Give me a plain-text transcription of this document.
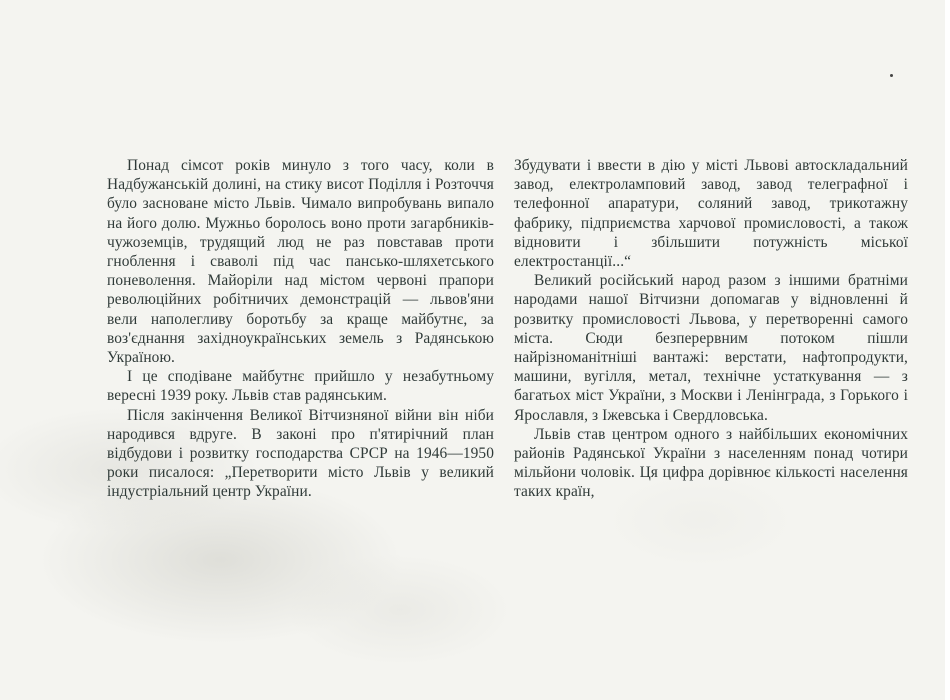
Понад сімсот років минуло з того часу, коли в Надбужанській долині, на стику висот Поділля і Розточчя було засноване місто Львів. Чимало випробувань випало на його долю. Мужньо боролось воно проти загарбників-чужоземців, трудящий люд не раз повставав проти гноблення і сваволі під час пансько-шляхетського поневолення. Майоріли над містом червоні прапори революційних робітничих демонстрацій — львов'яни вели наполегливу боротьбу за краще майбутнє, за воз'єднання західноукраїнських земель з Радянською Україною.

І це сподіване майбутнє прийшло у незабутньому вересні 1939 року. Львів став радянським.

Після закінчення Великої Вітчизняної війни він ніби народився вдруге. В законі про п'ятирічний план відбудови і розвитку господарства СРСР на 1946—1950 роки писалося: „Перетворити місто Львів у великий індустріальний центр України.

Збудувати і ввести в дію у місті Львові автоскладальний завод, електроламповий завод, завод телеграфної і телефонної апаратури, соляний завод, трикотажну фабрику, підприємства харчової промисловості, а також відновити і збільшити потужність міської електростанції...“

Великий російський народ разом з іншими братніми народами нашої Вітчизни допомагав у відновленні й розвитку промисловості Львова, у перетворенні самого міста. Сюди безперервним потоком пішли найрізноманітніші вантажі: верстати, нафтопродукти, машини, вугілля, метал, технічне устаткування — з багатьох міст України, з Москви і Ленінграда, з Горького і Ярославля, з Іжевська і Свердловська.

Львів став центром одного з найбільших економічних районів Радянської України з населенням понад чотири мільйони чоловік. Ця цифра дорівнює кількості населення таких країн,
